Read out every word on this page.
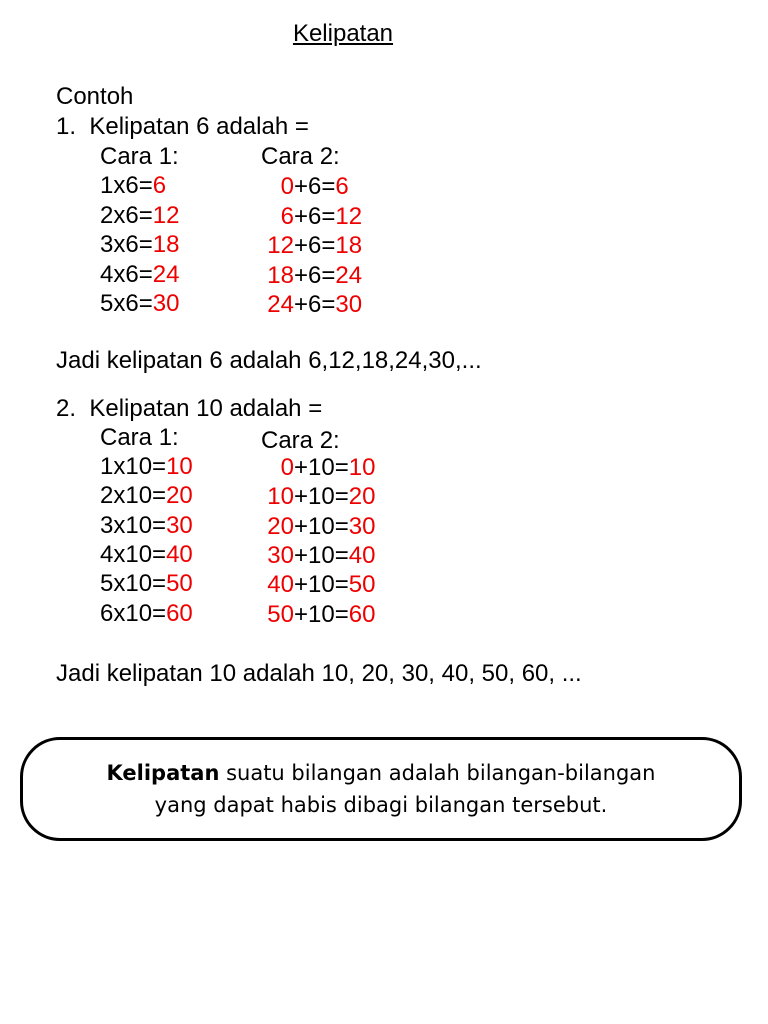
Kelipatan
Contoh
1.  Kelipatan 6 adalah =
Cara 1:	Cara 2:
1x6=6
2x6=12
3x6=18
4x6=24
5x6=30
0+6=6
6+6=12
12+6=18
18+6=24
24+6=30
Jadi kelipatan 6 adalah 6,12,18,24,30,...
2.  Kelipatan 10 adalah =
Cara 1:	Cara 2:
1x10=10
2x10=20
3x10=30
4x10=40
5x10=50
6x10=60
0+10=10
10+10=20
20+10=30
30+10=40
40+10=50
50+10=60
Jadi kelipatan 10 adalah 10, 20, 30, 40, 50, 60, ...
Kelipatan suatu bilangan adalah bilangan-bilangan
yang dapat habis dibagi bilangan tersebut.
